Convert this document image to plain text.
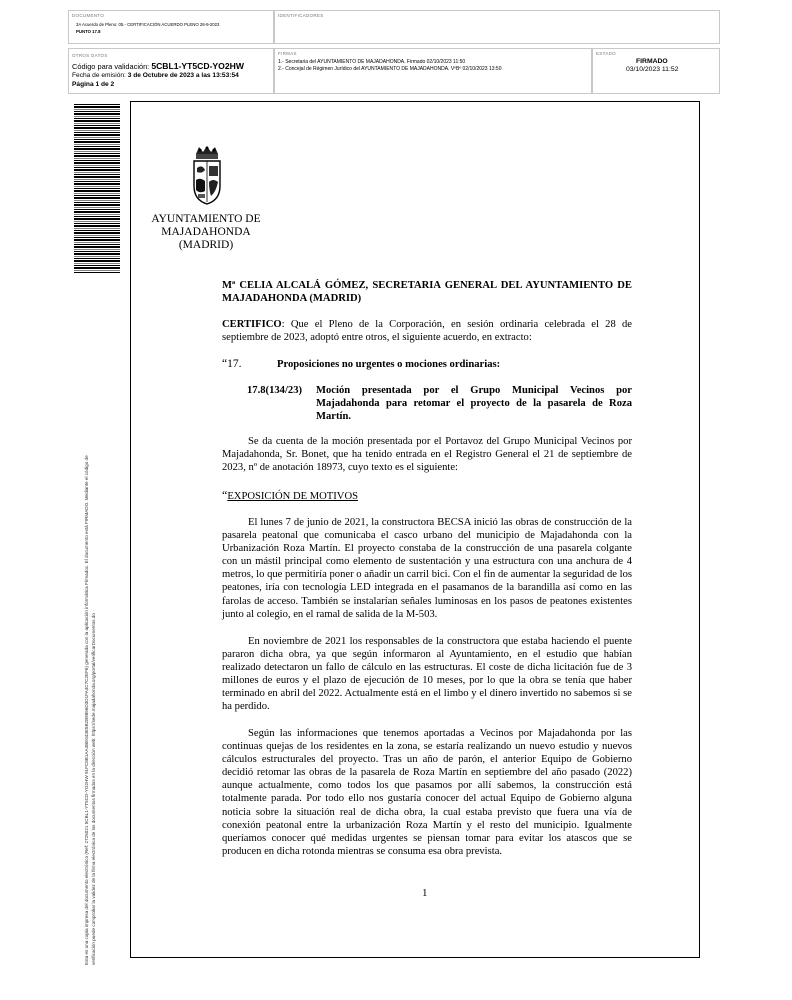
DOCUMENTO
3A Acuerdo de Pleno: 05.- CERTIFICACIÓN ACUERDO PLENO 28-9-2023
PUNTO 17.8
IDENTIFICADORES
OTROS DATOS
Código para validación: 5CBL1-YT5CD-YO2HW
Fecha de emisión: 3 de Octubre de 2023 a las 13:53:54
Página 1 de 2
FIRMAS
1.- Secretaria del AYUNTAMIENTO DE MAJADAHONDA. Firmado 02/10/2023 11:50
2.- Concejal de Régimen Jurídico del AYUNTAMIENTO DE MAJADAHONDA. VºBº 02/10/2023 13:50
ESTADO
FIRMADO
03/10/2023 11:52
Esta es una copia impresa del documento electrónico (Ref: 2725021 5CBL1-YT5CD-YO2HW 91FC8B1AA4BE043E5B2B9856D3D1FA4C7C2EF6) generada con la aplicación informática Firmadoc. El documento está FIRMADO. Mediante el código de verificación puede comprobar la validez de la firma electrónica de los documentos firmados en la dirección web: https://sede.majadahonda.org/portal/verificarDocumentos.do
AYUNTAMIENTO DE
MAJADAHONDA
(MADRID)
Mª CELIA ALCALÁ GÓMEZ, SECRETARIA GENERAL DEL AYUNTAMIENTO DE MAJADAHONDA (MADRID)
CERTIFICO: Que el Pleno de la Corporación, en sesión ordinaria celebrada el 28 de septiembre de 2023, adoptó entre otros, el siguiente acuerdo, en extracto:
“17.	Proposiciones no urgentes o mociones ordinarias:
17.8(134/23) Moción presentada por el Grupo Municipal Vecinos por Majadahonda para retomar el proyecto de la pasarela de Roza Martín.
Se da cuenta de la moción presentada por el Portavoz del Grupo Municipal Vecinos por Majadahonda, Sr. Bonet, que ha tenido entrada en el Registro General el 21 de septiembre de 2023, nº de anotación 18973, cuyo texto es el siguiente:
“EXPOSICIÓN DE MOTIVOS
El lunes 7 de junio de 2021, la constructora BECSA inició las obras de construcción de la pasarela peatonal que comunicaba el casco urbano del municipio de Majadahonda con la Urbanización Roza Martín. El proyecto constaba de la construcción de una pasarela colgante con un mástil principal como elemento de sustentación y una estructura con una anchura de 4 metros, lo que permitiría poner o añadir un carril bici. Con el fin de aumentar la seguridad de los peatones, iría con tecnología LED integrada en el pasamanos de la barandilla así como en las farolas de acceso. También se instalarían señales luminosas en los pasos de peatones existentes junto al colegio, en el ramal de salida de la M-503.
En noviembre de 2021 los responsables de la constructora que estaba haciendo el puente pararon dicha obra, ya que según informaron al Ayuntamiento, en el estudio que habían realizado detectaron un fallo de cálculo en las estructuras. El coste de dicha licitación fue de 3 millones de euros y el plazo de ejecución de 10 meses, por lo que la obra se tenía que haber terminado en abril del 2022. Actualmente está en el limbo y el dinero invertido no sabemos si se ha perdido.
Según las informaciones que tenemos aportadas a Vecinos por Majadahonda por las continuas quejas de los residentes en la zona, se estaría realizando un nuevo estudio y nuevos cálculos estructurales del proyecto. Tras un año de parón, el anterior Equipo de Gobierno decidió retomar las obras de la pasarela de Roza Martín en septiembre del año pasado (2022) aunque actualmente, como todos los que pasamos por allí sabemos, la construcción está totalmente parada. Por todo ello nos gustaría conocer del actual Equipo de Gobierno alguna noticia sobre la situación real de dicha obra, la cual estaba previsto que fuera una vía de conexión peatonal entre la urbanización Roza Martín y el resto del municipio. Igualmente queríamos conocer qué medidas urgentes se piensan tomar para evitar los atascos que se producen en dicha rotonda mientras se consuma esa obra prevista.
1
